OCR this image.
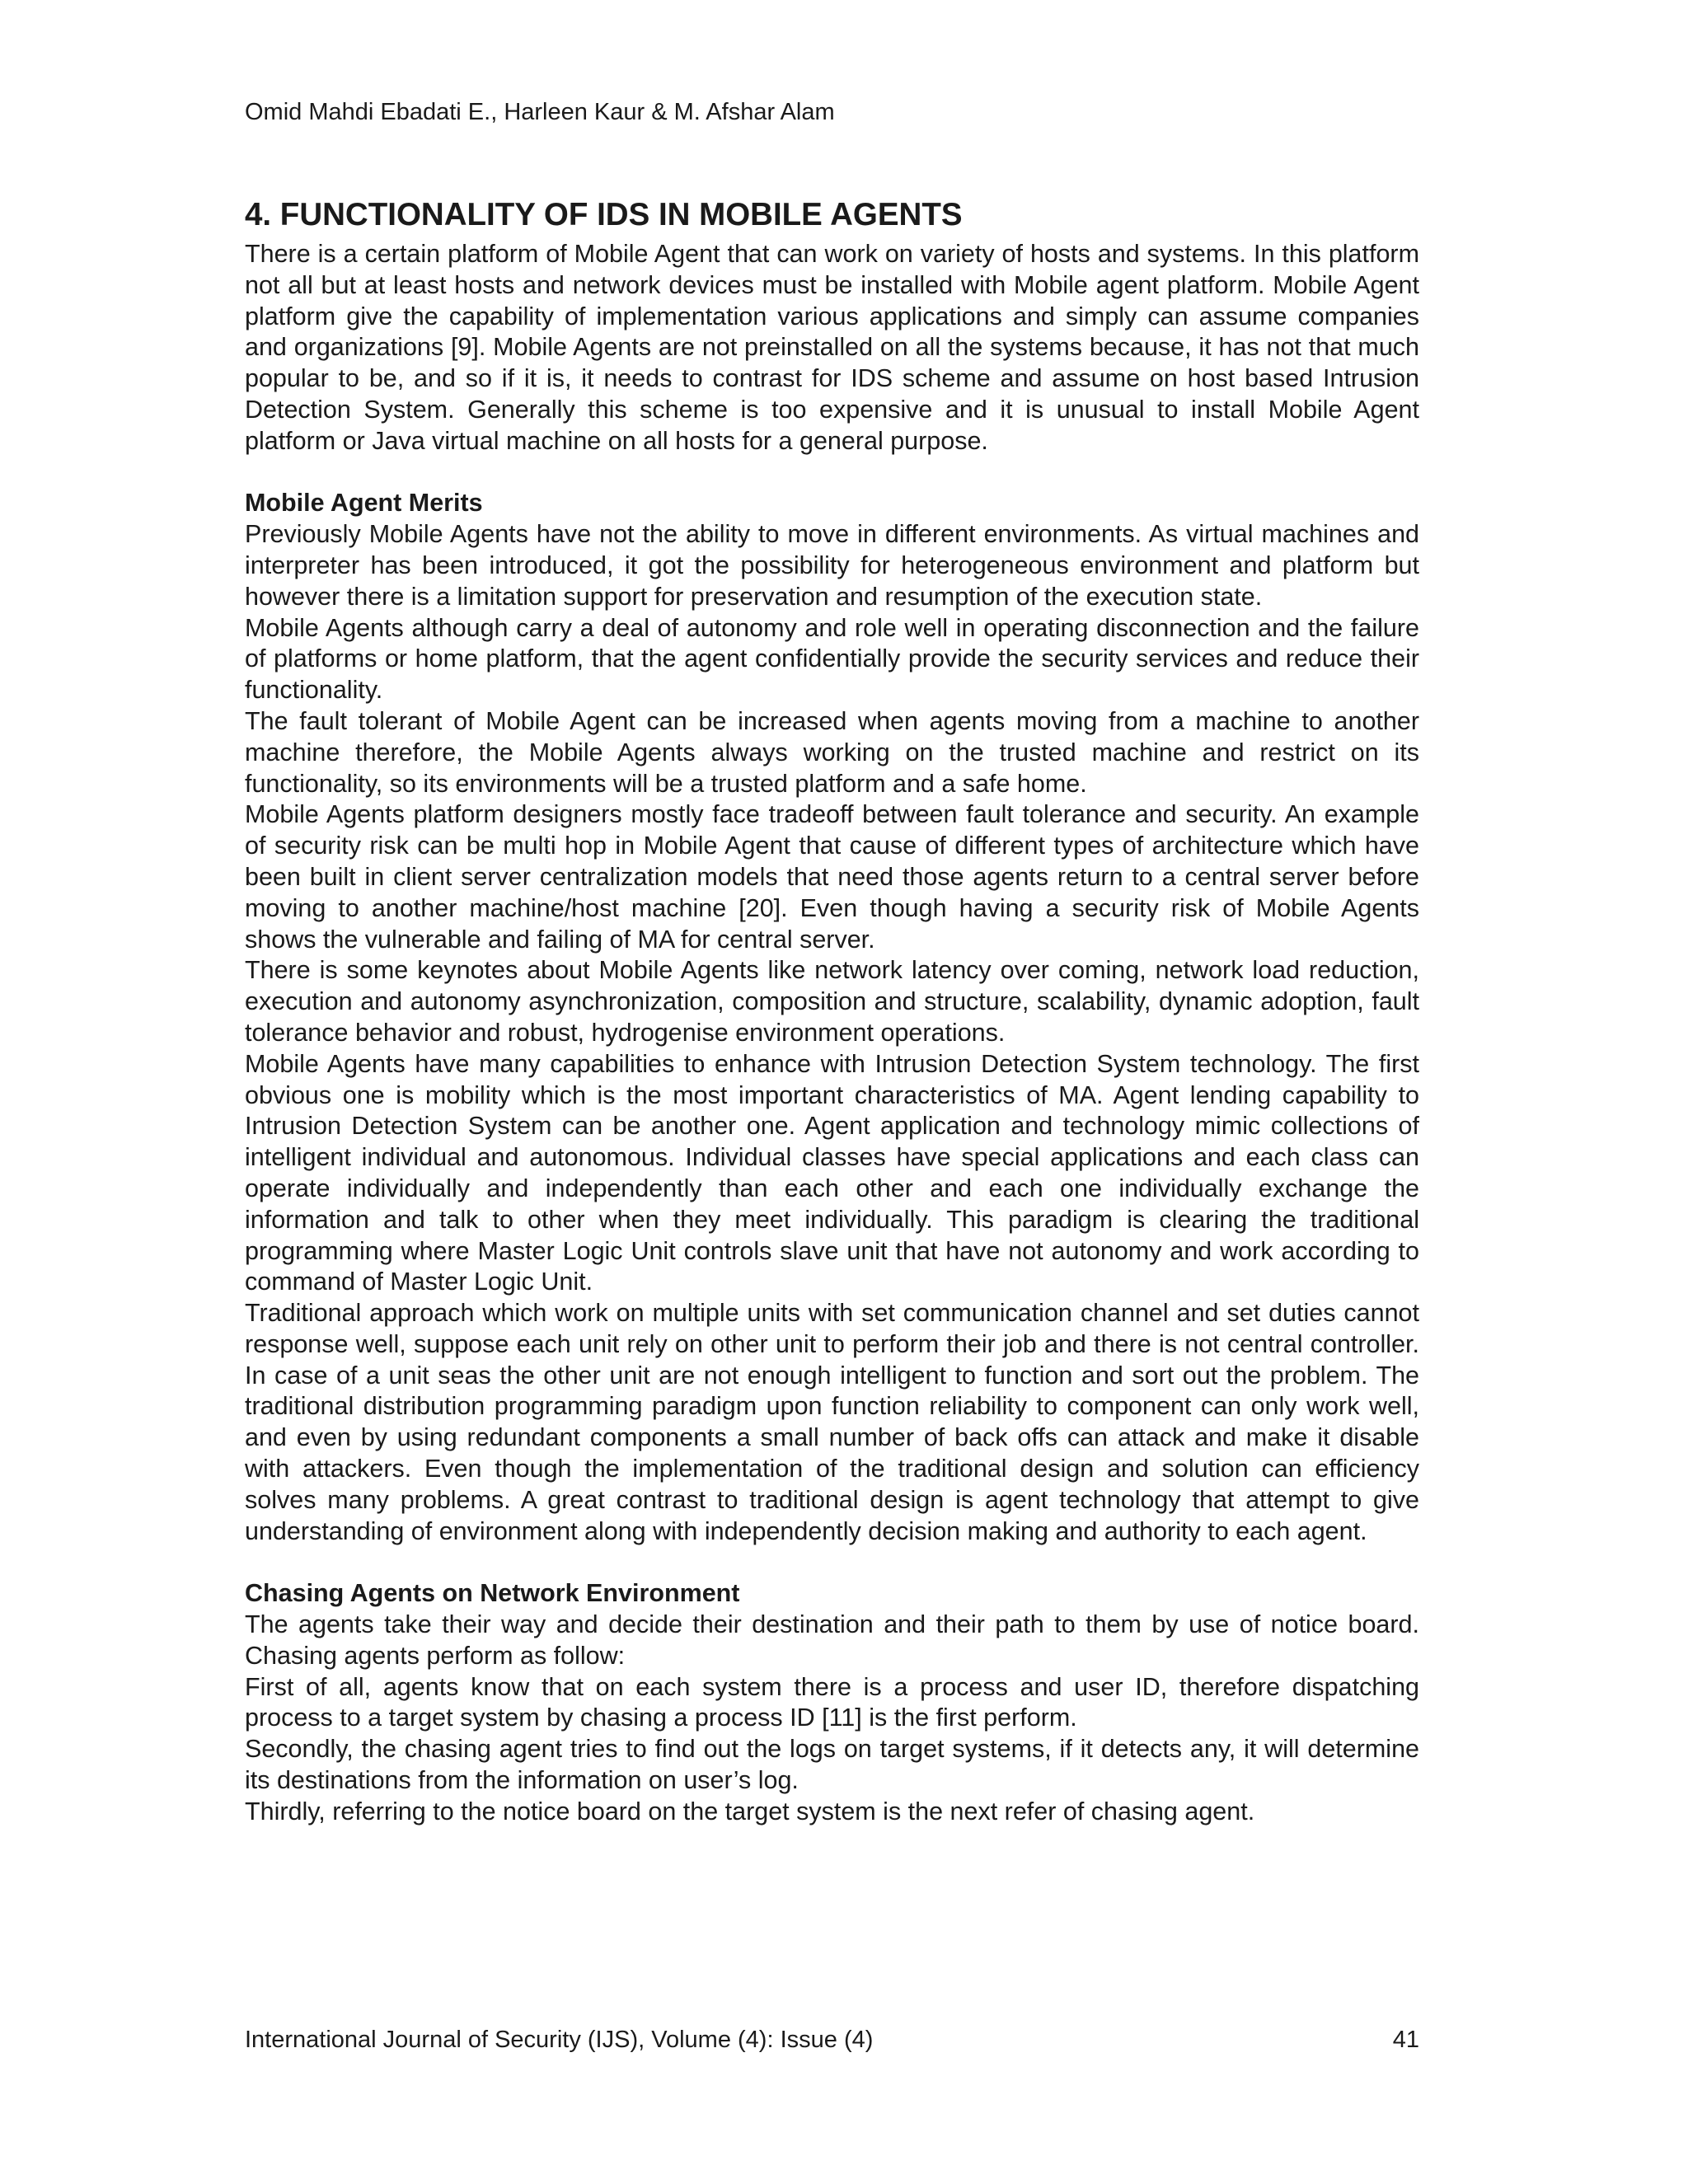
Omid Mahdi Ebadati E., Harleen Kaur & M. Afshar Alam
4. FUNCTIONALITY OF IDS IN MOBILE AGENTS

There is a certain platform of Mobile Agent that can work on variety of hosts and systems. In this platform not all but at least hosts and network devices must be installed with Mobile agent platform. Mobile Agent platform give the capability of implementation various applications and simply can assume companies and organizations [9]. Mobile Agents are not preinstalled on all the systems because, it has not that much popular to be, and so if it is, it needs to contrast for IDS scheme and assume on host based Intrusion Detection System. Generally this scheme is too expensive and it is unusual to install Mobile Agent platform or Java virtual machine on all hosts for a general purpose.

Mobile Agent Merits

Previously Mobile Agents have not the ability to move in different environments. As virtual machines and interpreter has been introduced, it got the possibility for heterogeneous environment and platform but however there is a limitation support for preservation and resumption of the execution state.

Mobile Agents although carry a deal of autonomy and role well in operating disconnection and the failure of platforms or home platform, that the agent confidentially provide the security services and reduce their functionality.

The fault tolerant of Mobile Agent can be increased when agents moving from a machine to another machine therefore, the Mobile Agents always working on the trusted machine and restrict on its functionality, so its environments will be a trusted platform and a safe home.

Mobile Agents platform designers mostly face tradeoff between fault tolerance and security. An example of security risk can be multi hop in Mobile Agent that cause of different types of architecture which have been built in client server centralization models that need those agents return to a central server before moving to another machine/host machine [20]. Even though having a security risk of Mobile Agents shows the vulnerable and failing of MA for central server.

There is some keynotes about Mobile Agents like network latency over coming, network load reduction, execution and autonomy asynchronization, composition and structure, scalability, dynamic adoption, fault tolerance behavior and robust, hydrogenise environment operations.

Mobile Agents have many capabilities to enhance with Intrusion Detection System technology. The first obvious one is mobility which is the most important characteristics of MA. Agent lending capability to Intrusion Detection System can be another one. Agent application and technology mimic collections of intelligent individual and autonomous. Individual classes have special applications and each class can operate individually and independently than each other and each one individually exchange the information and talk to other when they meet individually. This paradigm is clearing the traditional programming where Master Logic Unit controls slave unit that have not autonomy and work according to command of Master Logic Unit.

Traditional approach which work on multiple units with set communication channel and set duties cannot response well, suppose each unit rely on other unit to perform their job and there is not central controller. In case of a unit seas the other unit are not enough intelligent to function and sort out the problem. The traditional distribution programming paradigm upon function reliability to component can only work well, and even by using redundant components a small number of back offs can attack and make it disable with attackers. Even though the implementation of the traditional design and solution can efficiency solves many problems. A great contrast to traditional design is agent technology that attempt to give understanding of environment along with independently decision making and authority to each agent.

Chasing Agents on Network Environment

The agents take their way and decide their destination and their path to them by use of notice board. Chasing agents perform as follow:

First of all, agents know that on each system there is a process and user ID, therefore dispatching process to a target system by chasing a process ID [11] is the first perform.

Secondly, the chasing agent tries to find out the logs on target systems, if it detects any, it will determine its destinations from the information on user’s log.

Thirdly, referring to the notice board on the target system is the next refer of chasing agent.

International Journal of Security (IJS), Volume (4): Issue (4)	41
